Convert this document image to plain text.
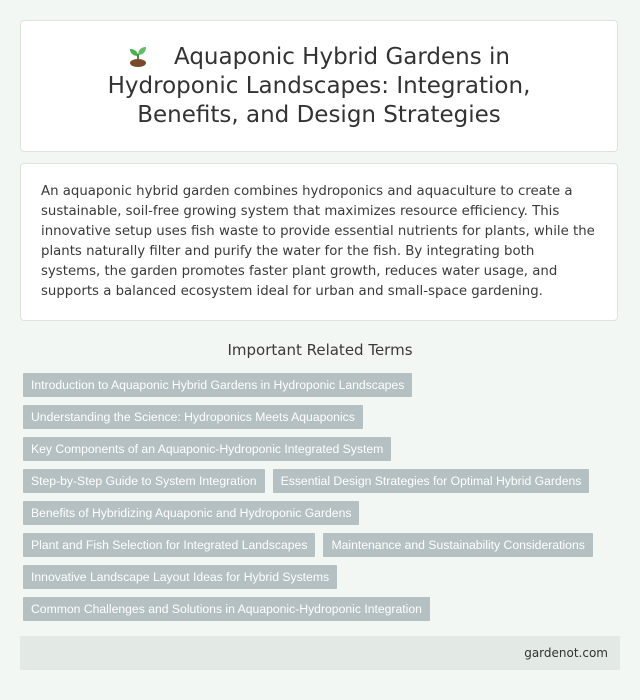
Aquaponic Hybrid Gardens in Hydroponic Landscapes: Integration, Benefits, and Design Strategies

An aquaponic hybrid garden combines hydroponics and aquaculture to create a sustainable, soil-free growing system that maximizes resource efficiency. This innovative setup uses fish waste to provide essential nutrients for plants, while the plants naturally filter and purify the water for the fish. By integrating both systems, the garden promotes faster plant growth, reduces water usage, and supports a balanced ecosystem ideal for urban and small-space gardening.

Important Related Terms
Introduction to Aquaponic Hybrid Gardens in Hydroponic Landscapes
Understanding the Science: Hydroponics Meets Aquaponics
Key Components of an Aquaponic-Hydroponic Integrated System
Step-by-Step Guide to System Integration	Essential Design Strategies for Optimal Hybrid Gardens
Benefits of Hybridizing Aquaponic and Hydroponic Gardens
Plant and Fish Selection for Integrated Landscapes	Maintenance and Sustainability Considerations
Innovative Landscape Layout Ideas for Hybrid Systems
Common Challenges and Solutions in Aquaponic-Hydroponic Integration
gardenot.com
